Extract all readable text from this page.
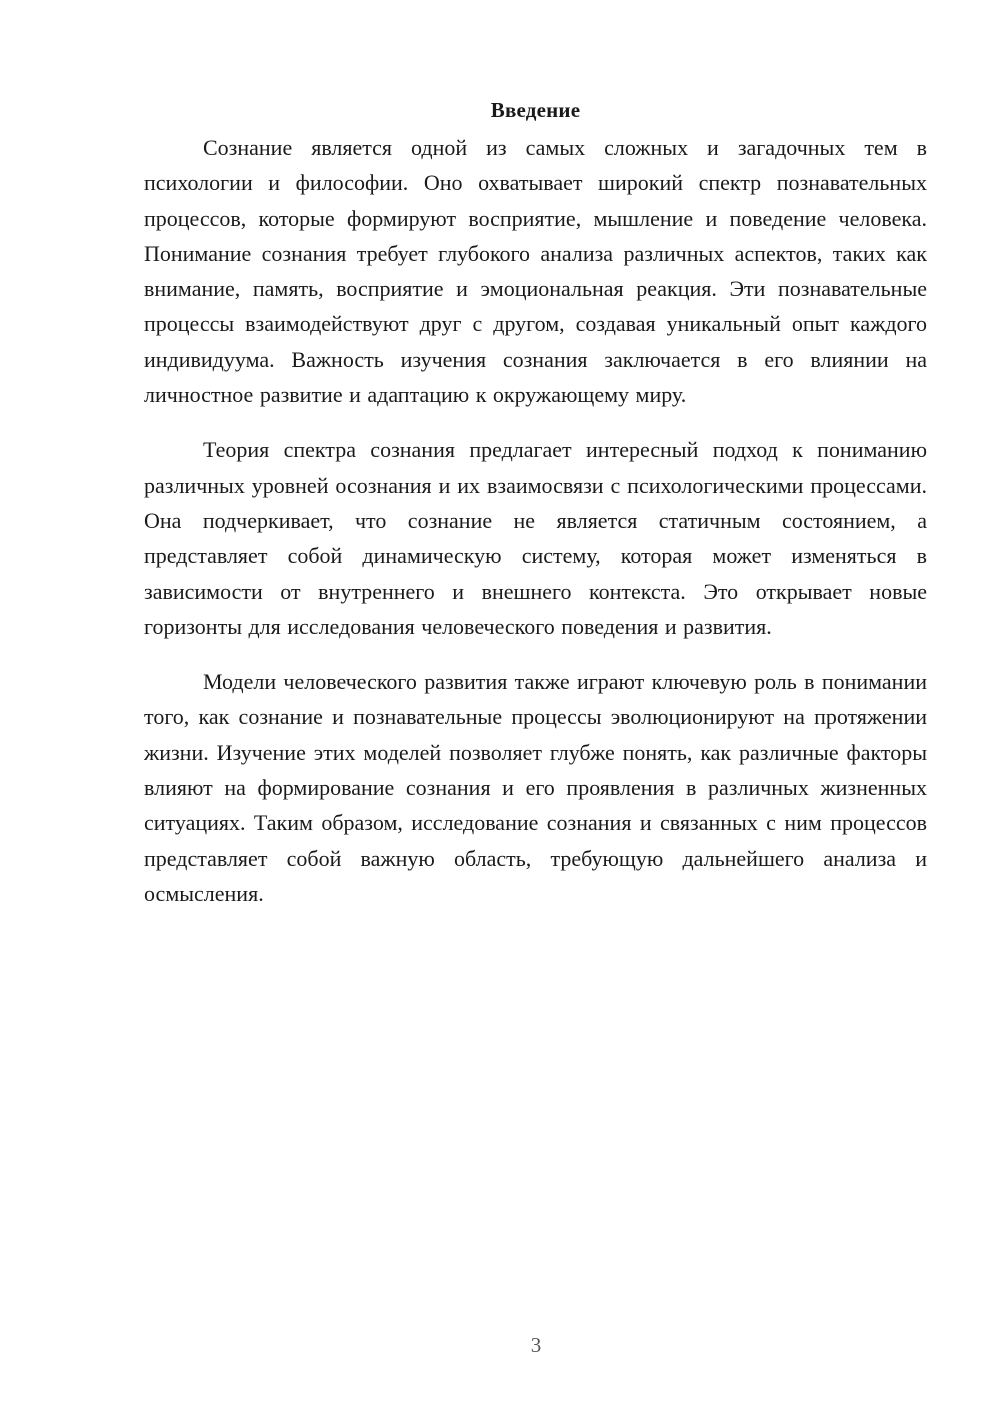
Введение

Сознание является одной из самых сложных и загадочных тем в психологии и философии. Оно охватывает широкий спектр познавательных процессов, которые формируют восприятие, мышление и поведение человека. Понимание сознания требует глубокого анализа различных аспектов, таких как внимание, память, восприятие и эмоциональная реакция. Эти познавательные процессы взаимодействуют друг с другом, создавая уникальный опыт каждого индивидуума. Важность изучения сознания заключается в его влиянии на личностное развитие и адаптацию к окружающему миру.

Теория спектра сознания предлагает интересный подход к пониманию различных уровней осознания и их взаимосвязи с психологическими процессами. Она подчеркивает, что сознание не является статичным состоянием, а представляет собой динамическую систему, которая может изменяться в зависимости от внутреннего и внешнего контекста. Это открывает новые горизонты для исследования человеческого поведения и развития.

Модели человеческого развития также играют ключевую роль в понимании того, как сознание и познавательные процессы эволюционируют на протяжении жизни. Изучение этих моделей позволяет глубже понять, как различные факторы влияют на формирование сознания и его проявления в различных жизненных ситуациях. Таким образом, исследование сознания и связанных с ним процессов представляет собой важную область, требующую дальнейшего анализа и осмысления.

3
